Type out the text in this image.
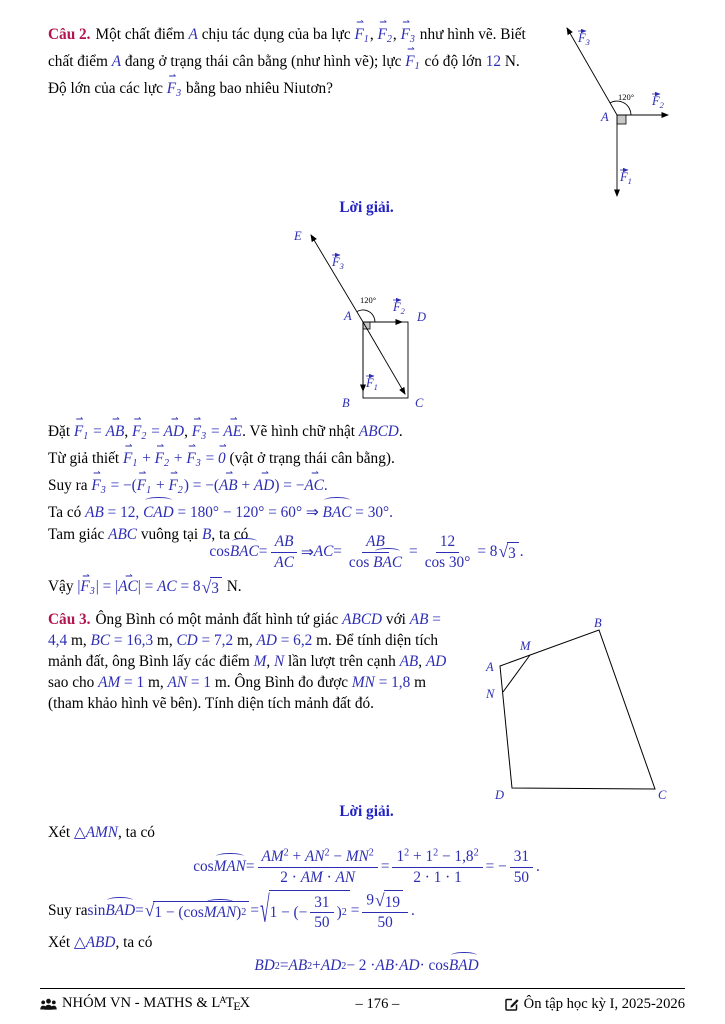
Câu 2. Một chất điểm A chịu tác dụng của ba lực F ⇀1, F ⇀2, F ⇀3 như hình vẽ. Biết
chất điểm A đang ở trạng thái cân bằng (như hình vẽ); lực F ⇀1 có độ lớn 12 N.
Độ lớn của các lực F ⇀3 bằng bao nhiêu Niutơn?	120°
$F_3$
$F_2$
$F_1$
A
Lời giải.
120°
E
$F_3$
$F_2$
$F_1$
A	D
B	C
Đặt F ⇀1 = AB ⇀, F ⇀2 = AD ⇀, F ⇀3 = AE ⇀. Vẽ hình chữ nhật ABCD.
Từ giả thiết F ⇀1 + F ⇀2 + F ⇀3 = 0 ⇀ (vật ở trạng thái cân bằng).
Suy ra F ⇀3 = −(F ⇀1 + F ⇀2) = −(AB ⇀ + AD ⇀) = −AC ⇀.
Ta có AB = 12, CAD = 180° − 120° = 60° ⇒ BAC = 30°.
Tam giác ABC vuông tại B, ta có
cos BAC = $\frac{AB}{AC}$ ⇒ AC = $\frac{AB}{\text{cos BAC}} = \frac{12}{\cos 30^\circ} = 8$ √ 3 .
Vậy |F ⇀3| = |AC ⇀| = AC = 8 √ 3 N.
Câu 3. Ông Bình có một mảnh đất hình tứ giác ABCD với AB =
4,4 m, BC = 16,3 m, CD = 7,2 m, AD = 6,2 m. Để tính diện tích
mảnh đất, ông Bình lấy các điểm M, N lần lượt trên cạnh AB, AD
sao cho AM = 1 m, AN = 1 m. Ông Bình đo được MN = 1,8 m
(tham khảo hình vẽ bên). Tính diện tích mảnh đất đó.
B
M
A
N
D	C
Lời giải.
Xét △AMN, ta có
cos MAN = $\frac{AM^2 + AN^2 - MN^2}{2 \cdot AM \cdot AN} = \frac{1^2 + 1^2 - 1,8^2}{2 \cdot 1 \cdot 1}$ = − $\frac{31}{50}$ .
Suy ra sin BAD = √ 1 − ( cos MAN ) 2 = √ 1 − ( − $\frac{31}{50}$ ) $2 = \frac{9 √ 19}{50}$ .
Xét △ABD, ta có
BD 2 = AB 2 + AD 2 − 2 · AB · AD · cos BAD
NHÓM VN - MATHS & $L^ATEX$	– 176 –	Ôn tập học kỳ I, 2025-2026
